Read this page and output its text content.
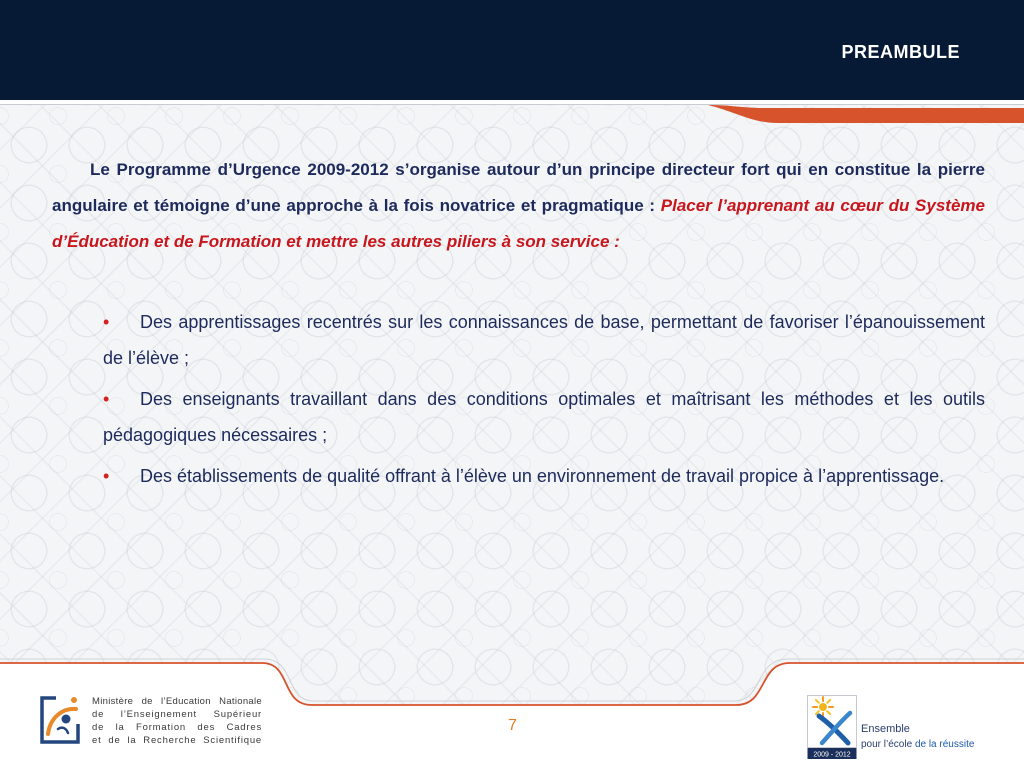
PREAMBULE

Le Programme d’Urgence 2009-2012 s’organise autour d’un principe directeur fort qui en constitue la pierre angulaire et témoigne d’une approche à la fois novatrice et pragmatique : Placer l’apprenant au cœur du Système d’Éducation et de Formation et mettre les autres piliers à son service :

• Des apprentissages recentrés sur les connaissances de base, permettant de favoriser l’épanouissement de l’élève ;
• Des enseignants travaillant dans des conditions optimales et maîtrisant les méthodes et les outils pédagogiques nécessaires ;
• Des établissements de qualité offrant à l’élève un environnement de travail propice à l’apprentissage.
Ministère de l’Education Nationale
de l’Enseignement Supérieur
de la Formation des Cadres
et de la Recherche Scientifique
7
2009 - 2012
Ensemble
pour l’école de la réussite
